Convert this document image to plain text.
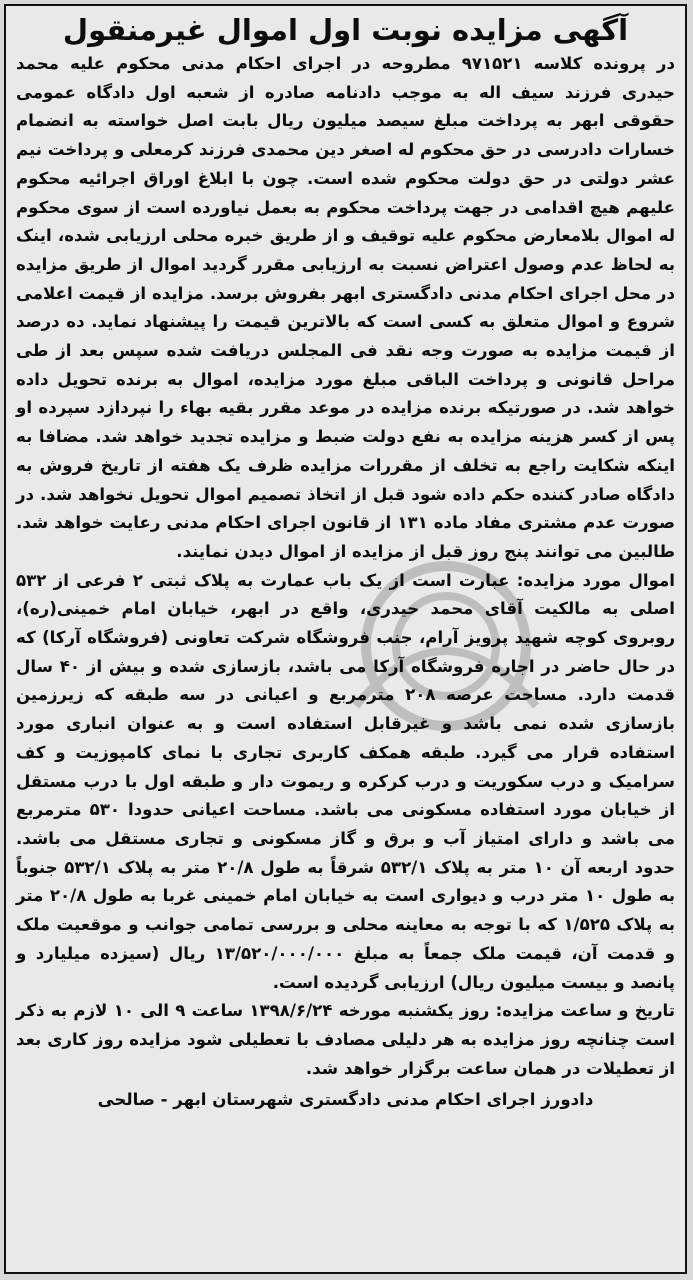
آگهی مزایده نوبت اول اموال غیرمنقول

در پرونده کلاسه ۹۷۱۵۲۱ مطروحه در اجرای احکام مدنی محکوم علیه محمد حیدری فرزند سیف اله به موجب دادنامه صادره از شعبه اول دادگاه عمومی حقوقی ابهر به پرداخت مبلغ سیصد میلیون ریال بابت اصل خواسته به انضمام خسارات دادرسی در حق محکوم له اصغر دین محمدی فرزند کرمعلی و پرداخت نیم عشر دولتی در حق دولت محکوم شده است. چون با ابلاغ اوراق اجرائیه محکوم علیهم هیچ اقدامی در جهت پرداخت محکوم به بعمل نیاورده است از سوی محکوم له اموال بلامعارض محکوم علیه توقیف و از طریق خبره محلی ارزیابی شده، اینک به لحاظ عدم وصول اعتراض نسبت به ارزیابی مقرر گردید اموال از طریق مزایده در محل اجرای احکام مدنی دادگستری ابهر بفروش برسد. مزایده از قیمت اعلامی شروع و اموال متعلق به کسی است که بالاترین قیمت را پیشنهاد نماید. ده درصد از قیمت مزایده به صورت وجه نقد فی المجلس دریافت شده سپس بعد از طی مراحل قانونی و پرداخت الباقی مبلغ مورد مزایده، اموال به برنده تحویل داده خواهد شد. در صورتیکه برنده مزایده در موعد مقرر بقیه بهاء را نپردازد سپرده او پس از کسر هزینه مزایده به نفع دولت ضبط و مزایده تجدید خواهد شد. مضافا به اینکه شکایت راجع به تخلف از مقررات مزایده ظرف یک هفته از تاریخ فروش به دادگاه صادر کننده حکم داده شود قبل از اتخاذ تصمیم اموال تحویل نخواهد شد. در صورت عدم مشتری مفاد ماده ۱۳۱ از قانون اجرای احکام مدنی رعایت خواهد شد. طالبین می توانند پنج روز قبل از مزایده از اموال دیدن نمایند.

اموال مورد مزایده: عبارت است از یک باب عمارت به پلاک ثبتی ۲ فرعی از ۵۳۲ اصلی به مالکیت آقای محمد حیدری، واقع در ابهر، خیابان امام خمینی(ره)، روبروی کوچه شهید پرویز آرام، جنب فروشگاه شرکت تعاونی (فروشگاه آرکا) که در حال حاضر در اجاره فروشگاه آرکا می باشد، بازسازی شده و بیش از ۴۰ سال قدمت دارد. مساحت عرصه ۲۰۸ مترمربع و اعیانی در سه طبقه که زیرزمین بازسازی شده نمی باشد و غیرقابل استفاده است و به عنوان انباری مورد استفاده قرار می گیرد. طبقه همکف کاربری تجاری با نمای کامپوزیت و کف سرامیک و درب سکوریت و درب کرکره و ریموت دار و طبقه اول با درب مستقل از خیابان مورد استفاده مسکونی می باشد. مساحت اعیانی حدودا ۵۳۰ مترمربع می باشد و دارای امتیاز آب و برق و گاز مسکونی و تجاری مستقل می باشد. حدود اربعه آن ۱۰ متر به پلاک ۵۳۲/۱ شرقاً به طول ۲۰/۸ متر به پلاک ۵۳۲/۱ جنوباً به طول ۱۰ متر درب و دیواری است به خیابان امام خمینی غربا به طول ۲۰/۸ متر به پلاک ۱/۵۲۵ که با توجه به معاینه محلی و بررسی تمامی جوانب و موقعیت ملک و قدمت آن، قیمت ملک جمعاً به مبلغ ۱۳/۵۲۰/۰۰۰/۰۰۰ ریال (سیزده میلیارد و پانصد و بیست میلیون ریال) ارزیابی گردیده است.

تاریخ و ساعت مزایده: روز یکشنبه مورخه ۱۳۹۸/۶/۲۴ ساعت ۹ الی ۱۰ لازم به ذکر است چنانچه روز مزایده به هر دلیلی مصادف با تعطیلی شود مزایده روز کاری بعد از تعطیلات در همان ساعت برگزار خواهد شد.

دادورز اجرای احکام مدنی دادگستری شهرستان ابهر - صالحی
